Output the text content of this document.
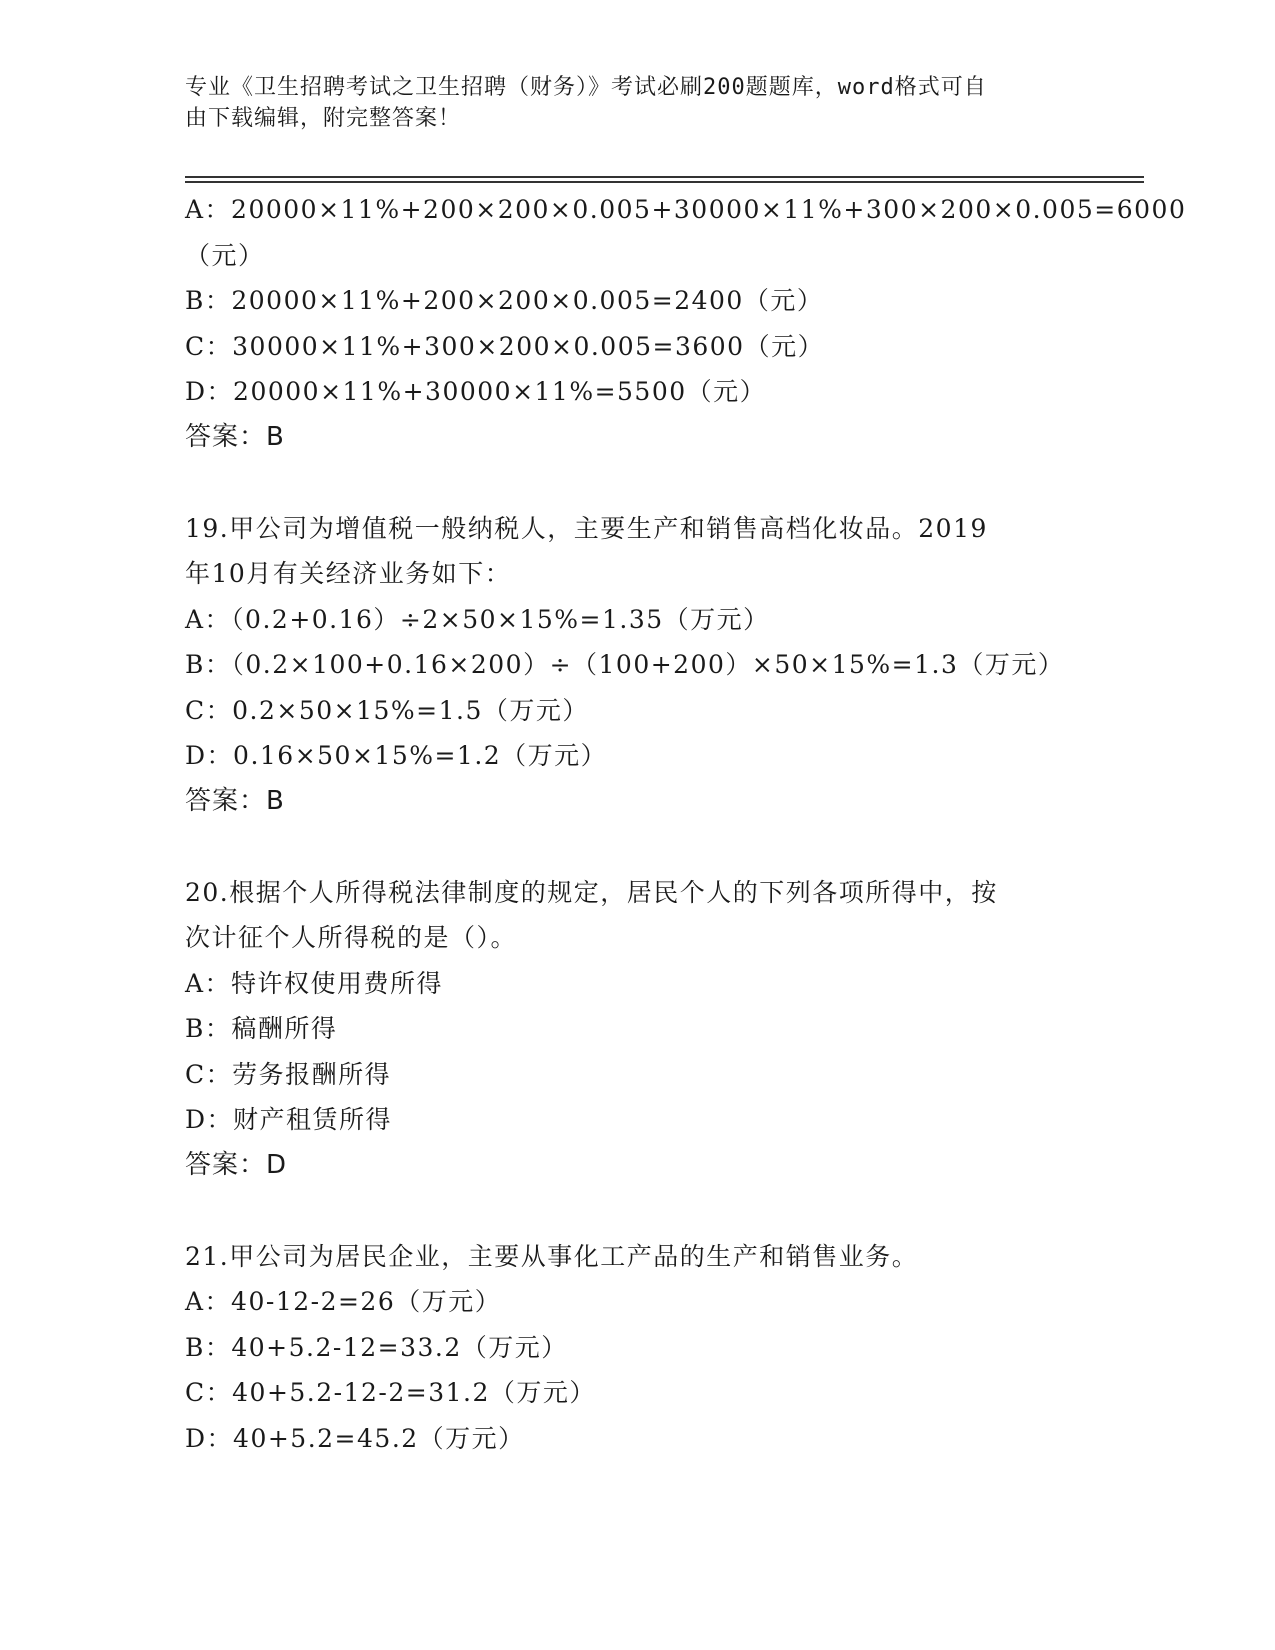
专业《卫生招聘考试之卫生招聘（财务）》考试必刷200题题库，word格式可自
由下载编辑，附完整答案！
A：20000×11%+200×200×0.005+30000×11%+300×200×0.005=6000
（元）
B：20000×11%+200×200×0.005=2400（元）
C：30000×11%+300×200×0.005=3600（元）
D：20000×11%+30000×11%=5500（元）
答案：B
19.甲公司为增值税一般纳税人，主要生产和销售高档化妆品。2019
年10月有关经济业务如下：
A：（0.2+0.16）÷2×50×15%=1.35（万元）
B：（0.2×100+0.16×200）÷（100+200）×50×15%=1.3（万元）
C：0.2×50×15%=1.5（万元）
D：0.16×50×15%=1.2（万元）
答案：B
20.根据个人所得税法律制度的规定，居民个人的下列各项所得中，按
次计征个人所得税的是（）。
A：特许权使用费所得
B：稿酬所得
C：劳务报酬所得
D：财产租赁所得
答案：D
21.甲公司为居民企业，主要从事化工产品的生产和销售业务。
A：40-12-2=26（万元）
B：40+5.2-12=33.2（万元）
C：40+5.2-12-2=31.2（万元）
D：40+5.2=45.2（万元）
